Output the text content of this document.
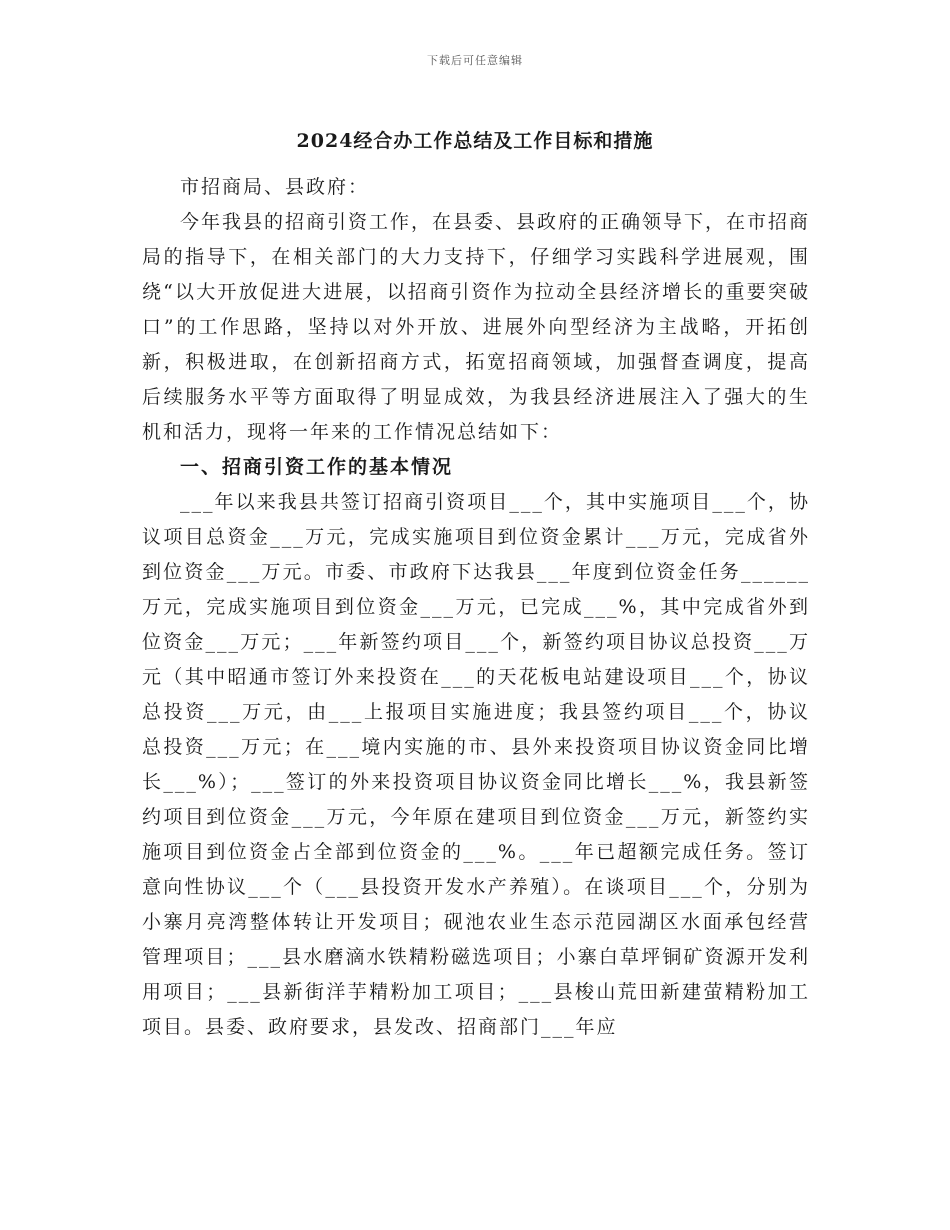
下载后可任意编辑
2024经合办工作总结及工作目标和措施

市招商局、县政府：

今年我县的招商引资工作，在县委、县政府的正确领导下，在市招商局的指导下，在相关部门的大力支持下，仔细学习实践科学进展观，围绕“以大开放促进大进展，以招商引资作为拉动全县经济增长的重要突破口”的工作思路，坚持以对外开放、进展外向型经济为主战略，开拓创新，积极进取，在创新招商方式，拓宽招商领域，加强督查调度，提高后续服务水平等方面取得了明显成效，为我县经济进展注入了强大的生机和活力，现将一年来的工作情况总结如下：

一、招商引资工作的基本情况

___年以来我县共签订招商引资项目___个，其中实施项目___个，协议项目总资金___万元，完成实施项目到位资金累计___万元，完成省外到位资金___万元。市委、市政府下达我县___年度到位资金任务______万元，完成实施项目到位资金___万元，已完成___%，其中完成省外到位资金___万元；___年新签约项目___个，新签约项目协议总投资___万元（其中昭通市签订外来投资在___的天花板电站建设项目___个，协议总投资___万元，由___上报项目实施进度；我县签约项目___个，协议总投资___万元；在___境内实施的市、县外来投资项目协议资金同比增长___%）；___签订的外来投资项目协议资金同比增长___%，我县新签约项目到位资金___万元，今年原在建项目到位资金___万元，新签约实施项目到位资金占全部到位资金的___%。___年已超额完成任务。签订意向性协议___个（___县投资开发水产养殖）。在谈项目___个，分别为小寨月亮湾整体转让开发项目；砚池农业生态示范园湖区水面承包经营管理项目；___县水磨滴水铁精粉磁选项目；小寨白草坪铜矿资源开发利用项目；___县新街洋芋精粉加工项目；___县梭山荒田新建萤精粉加工项目。县委、政府要求，县发改、招商部门___年应
